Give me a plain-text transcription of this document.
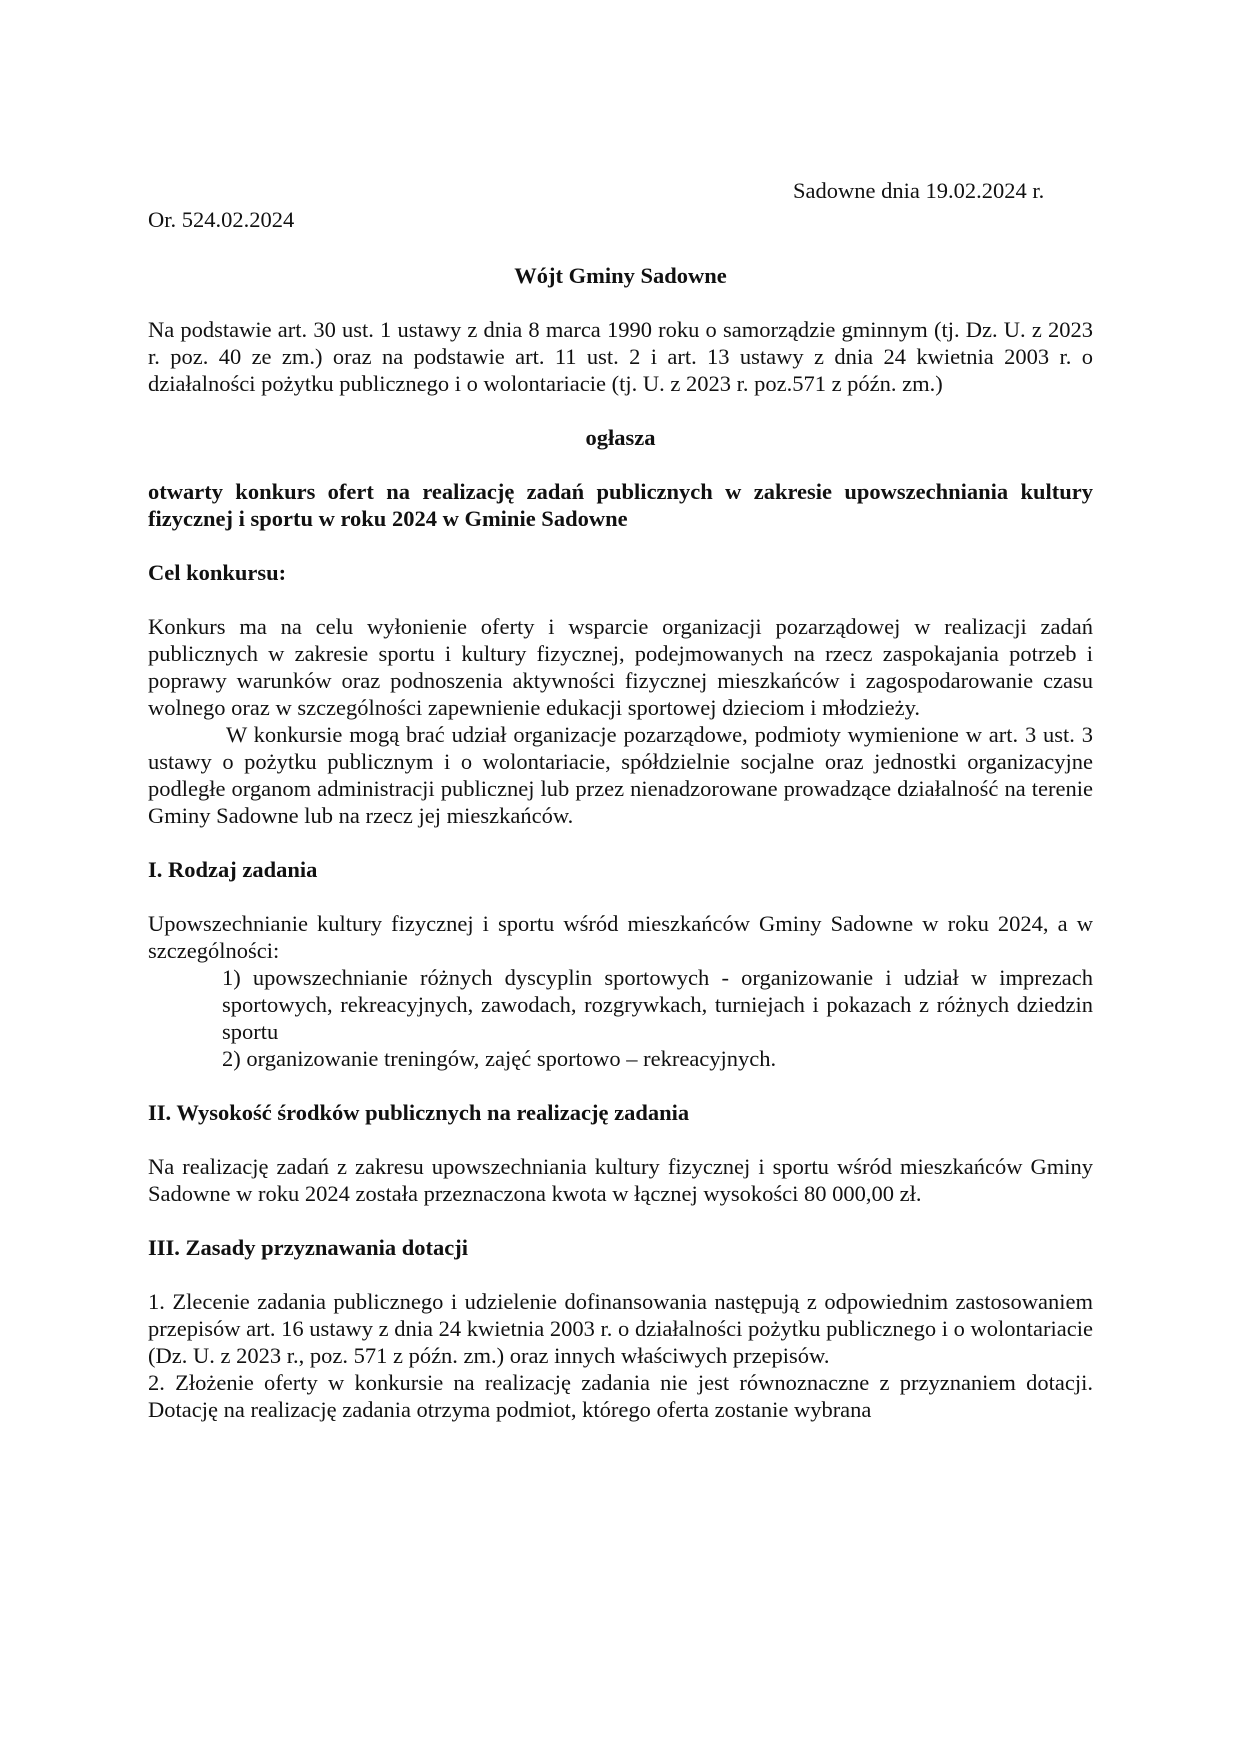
Sadowne dnia 19.02.2024 r.
Or. 524.02.2024

Wójt Gminy Sadowne

Na podstawie art. 30 ust. 1 ustawy z dnia 8 marca 1990 roku o samorządzie gminnym (tj. Dz. U. z 2023 r. poz. 40 ze zm.) oraz na podstawie art. 11 ust. 2 i art. 13 ustawy z dnia 24 kwietnia 2003 r. o działalności pożytku publicznego i o wolontariacie (tj. U. z 2023 r. poz.571 z późn. zm.)

ogłasza

otwarty konkurs ofert na realizację zadań publicznych w zakresie upowszechniania kultury fizycznej i sportu w roku 2024 w Gminie Sadowne

Cel konkursu:

Konkurs ma na celu wyłonienie oferty i wsparcie organizacji pozarządowej w realizacji zadań publicznych w zakresie sportu i kultury fizycznej, podejmowanych na rzecz zaspokajania potrzeb i poprawy warunków oraz podnoszenia aktywności fizycznej mieszkańców i zagospodarowanie czasu wolnego oraz w szczególności zapewnienie edukacji sportowej dzieciom i młodzieży.

W konkursie mogą brać udział organizacje pozarządowe, podmioty wymienione w art. 3 ust. 3 ustawy o pożytku publicznym i o wolontariacie, spółdzielnie socjalne oraz jednostki organizacyjne podległe organom administracji publicznej lub przez nienadzorowane prowadzące działalność na terenie Gminy Sadowne lub na rzecz jej mieszkańców.

I. Rodzaj zadania

Upowszechnianie kultury fizycznej i sportu wśród mieszkańców Gminy Sadowne w roku 2024, a w szczególności:

1) upowszechnianie różnych dyscyplin sportowych - organizowanie i udział w imprezach sportowych, rekreacyjnych, zawodach, rozgrywkach, turniejach i pokazach z różnych dziedzin sportu

2) organizowanie treningów, zajęć sportowo – rekreacyjnych.

II. Wysokość środków publicznych na realizację zadania

Na realizację zadań z zakresu upowszechniania kultury fizycznej i sportu wśród mieszkańców Gminy Sadowne w roku 2024 została przeznaczona kwota w łącznej wysokości 80 000,00 zł.

III. Zasady przyznawania dotacji

1. Zlecenie zadania publicznego i udzielenie dofinansowania następują z odpowiednim zastosowaniem przepisów art. 16 ustawy z dnia 24 kwietnia 2003 r. o działalności pożytku publicznego i o wolontariacie (Dz. U. z 2023 r., poz. 571 z późn. zm.) oraz innych właściwych przepisów.

2. Złożenie oferty w konkursie na realizację zadania nie jest równoznaczne z przyznaniem dotacji. Dotację na realizację zadania otrzyma podmiot, którego oferta zostanie wybrana
